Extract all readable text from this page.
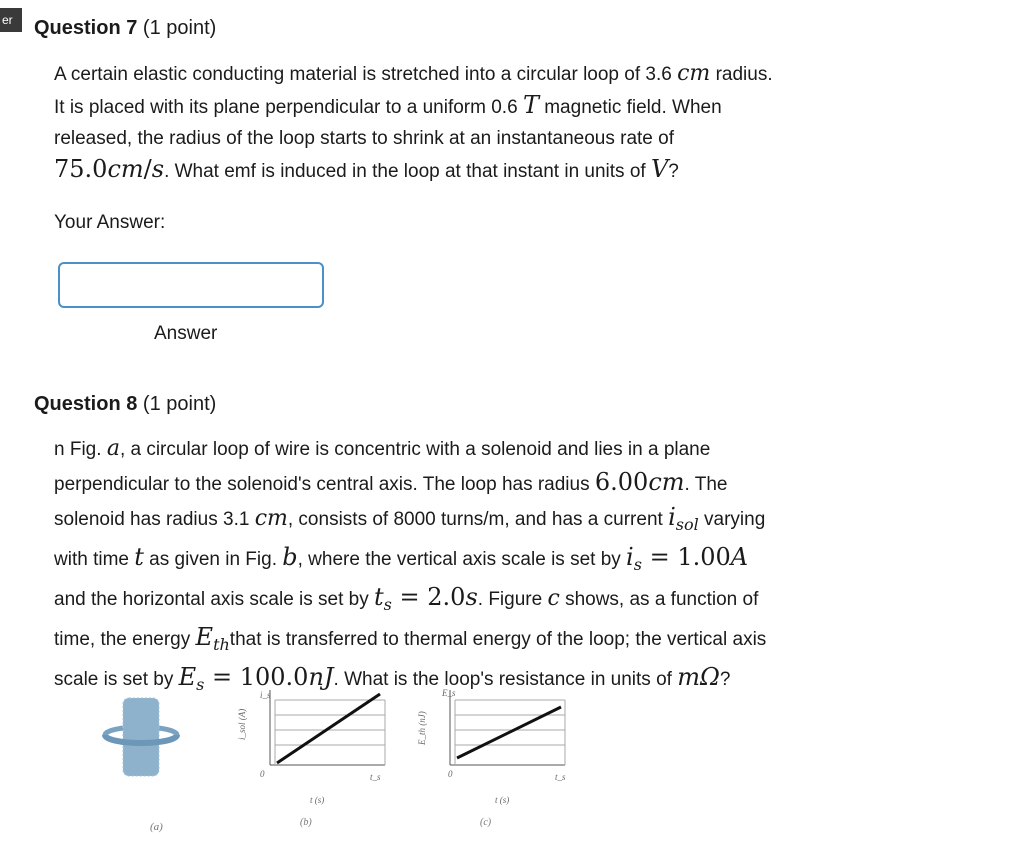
er	Question 7 (1 point)
A certain elastic conducting material is stretched into a circular loop of 3.6 cm radius.
It is placed with its plane perpendicular to a uniform 0.6 T magnetic field. When
released, the radius of the loop starts to shrink at an instantaneous rate of
75.0cm/s. What emf is induced in the loop at that instant in units of V?
Your Answer:
Answer
Question 8 (1 point)
n Fig. a, a circular loop of wire is concentric with a solenoid and lies in a plane
perpendicular to the solenoid's central axis. The loop has radius 6.00cm. The
solenoid has radius 3.1 cm, consists of 8000 turns/m, and has a current $i_{sol}$ varying
with time t as given in Fig. b, where the vertical axis scale is set by $i_s = 1.00A$
and the horizontal axis scale is set by $t_s = 2.0s$. Figure c shows, as a function of
time, the energy $E_{th}that$ is transferred to thermal energy of the loop; the vertical axis
scale is set by $E_s = 100.0nJ$. What is the loop's resistance in units of mΩ?
(a)
i_sol (A)
i_s
0	t_s
t (s)
(b)
E_th (nJ)
E_s
0	t_s
t (s)
(c)
